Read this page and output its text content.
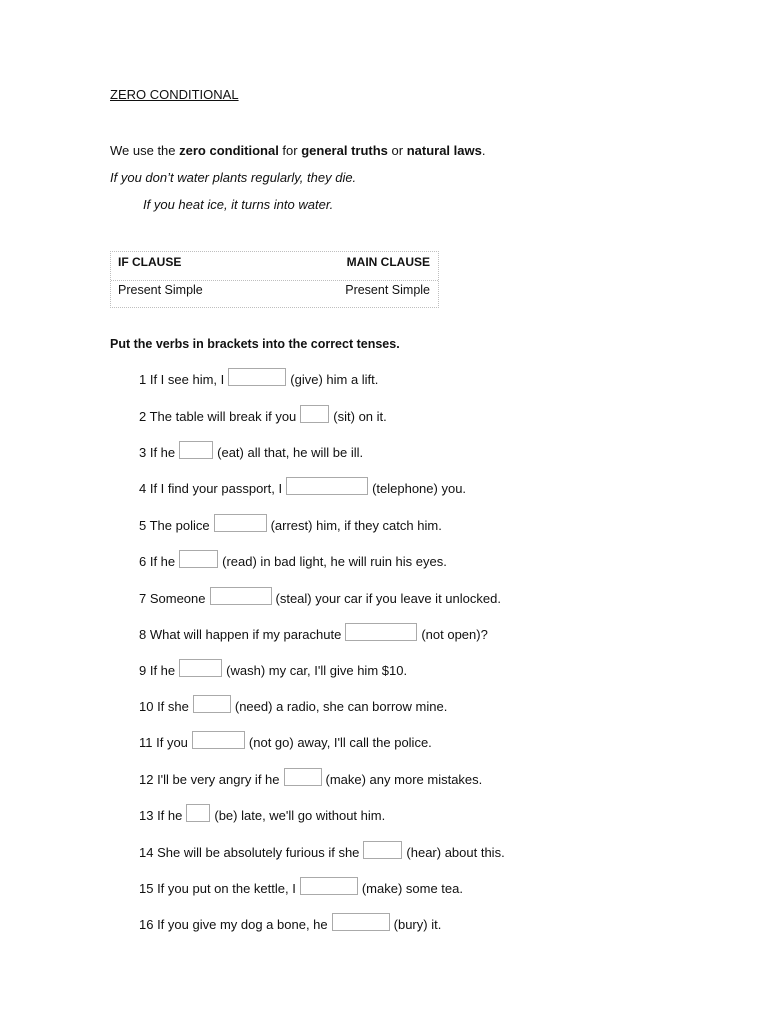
ZERO CONDITIONAL
We use the zero conditional for general truths or natural laws.
If you don’t water plants regularly, they die.
If you heat ice, it turns into water.
IF CLAUSE	MAIN CLAUSE
Present Simple	Present Simple
Put the verbs in brackets into the correct tenses.
1 If I see him, I	(give) him a lift.
2 The table will break if you	(sit) on it.
3 If he	(eat) all that, he will be ill.
4 If I find your passport, I	(telephone) you.
5 The police	(arrest) him, if they catch him.
6 If he	(read) in bad light, he will ruin his eyes.
7 Someone	(steal) your car if you leave it unlocked.
8 What will happen if my parachute	(not open)?
9 If he	(wash) my car, I'll give him $10.
10 If she	(need) a radio, she can borrow mine.
11 If you	(not go) away, I'll call the police.
12 I'll be very angry if he	(make) any more mistakes.
13 If he (be) late, we'll go without him.
14 She will be absolutely furious if she	(hear) about this.
15 If you put on the kettle, I	(make) some tea.
16 If you give my dog a bone, he	(bury) it.
